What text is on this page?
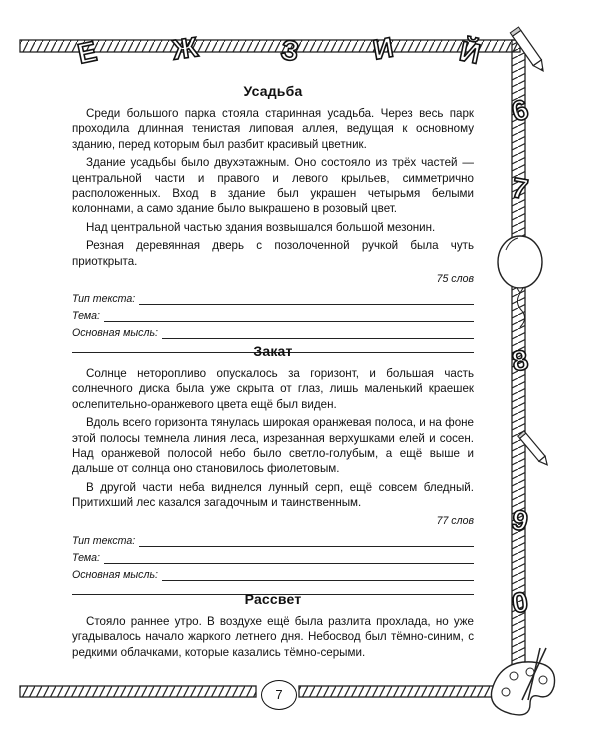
Е	Ж	З И Й
6
7
8
9
0
Усадьба

Среди большого парка стояла старинная усадьба. Через весь парк проходила длинная тенистая липовая аллея, ведущая к основному зданию, перед которым был разбит красивый цветник.

Здание усадьбы было двухэтажным. Оно состояло из трёх частей — центральной части и правого и левого крыльев, симметрично расположенных. Вход в здание был украшен четырьмя белыми колоннами, а само здание было выкрашено в розовый цвет.

Над центральной частью здания возвышался большой мезонин.

Резная деревянная дверь с позолоченной ручкой была чуть приоткрыта.

75 слов
Тип текста:
Тема:
Основная мысль:
Закат

Солнце неторопливо опускалось за горизонт, и большая часть солнечного диска была уже скрыта от глаз, лишь маленький краешек ослепительно-оранжевого цвета ещё был виден.

Вдоль всего горизонта тянулась широкая оранжевая полоса, и на фоне этой полосы темнела линия леса, изрезанная верхушками елей и сосен. Над оранжевой полосой небо было светло-голубым, а ещё выше и дальше от солнца оно становилось фиолетовым.

В другой части неба виднелся лунный серп, ещё совсем бледный. Притихший лес казался загадочным и таинственным.

77 слов
Тип текста:
Тема:
Основная мысль:
Рассвет

Стояло раннее утро. В воздухе ещё была разлита прохлада, но уже угадывалось начало жаркого летнего дня. Небосвод был тёмно-синим, с редкими облачками, которые казались тёмно-серыми.

7
